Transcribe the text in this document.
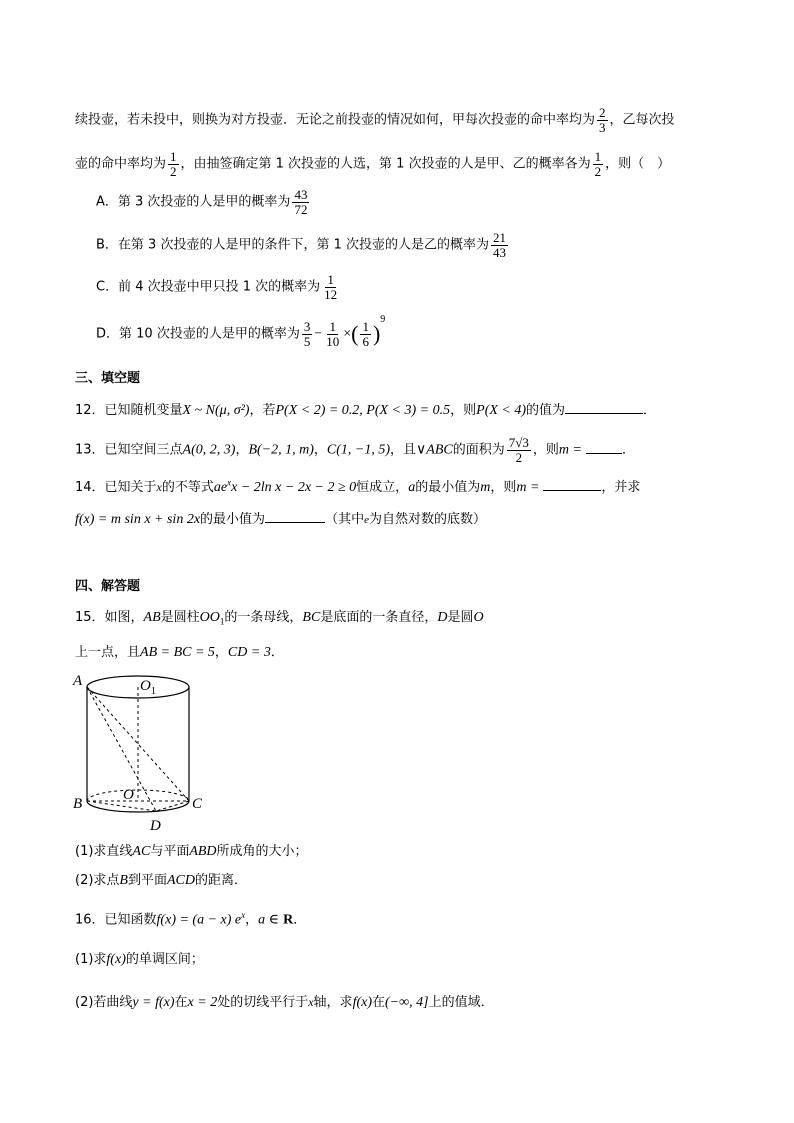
续投壶，若未投中，则换为对方投壶．无论之前投壶的情况如何，甲每次投壶的命中率均为 $\frac{2}{3}$ ，乙每次投
壶的命中率均为 $\frac{1}{2}$ ，由抽签确定第 1 次投壶的人选，第 1 次投壶的人是甲、乙的概率各为 $\frac{1}{2}$ ，则（　）
A．第 3 次投壶的人是甲的概率为 $\frac{43}{72}$
B．在第 3 次投壶的人是甲的条件下，第 1 次投壶的人是乙的概率为 $\frac{21}{43}$
C．前 4 次投壶中甲只投 1 次的概率为 $\frac{1}{12}$
D．第 10 次投壶的人是甲的概率为 $\frac{3}{5} - \frac{1}{10}$ ×( $\frac{1}{6} )^9$
三、填空题
12．已知随机变量X ~ N(μ, σ²)，若P(X < 2) = 0.2, P(X < 3) = 0.5，则P(X < 4)的值为	．
13．已知空间三点A(0, 2, 3)，B(−2, 1, m)，C(1, −1, 5)，且∨ABC的面积为 $\frac{7√3}{2}$ ，则m =	．
14．已知关于x的不等式$ae^xx - 2\ln$ x − 2x − 2 ≥ 0恒成立，a的最小值为m，则m =	，并求
f(x) = m sin x + sin 2x的最小值为	（其中e为自然对数的底数）
四、解答题
15．如图，AB是圆柱$OO_1$的一条母线，BC是底面的一条直径，D是圆O
上一点，且AB = BC = 5，CD = 3．
A	O 1
B
O
C
D
(1)求直线AC与平面ABD所成角的大小；
(2)求点B到平面ACD的距离．
16．已知函数f(x) = (a − x) $e^x$，a ∈ R．
(1)求f(x)的单调区间；
(2)若曲线y = f(x)在x = 2处的切线平行于x轴，求f(x)在(−∞, 4]上的值域．
